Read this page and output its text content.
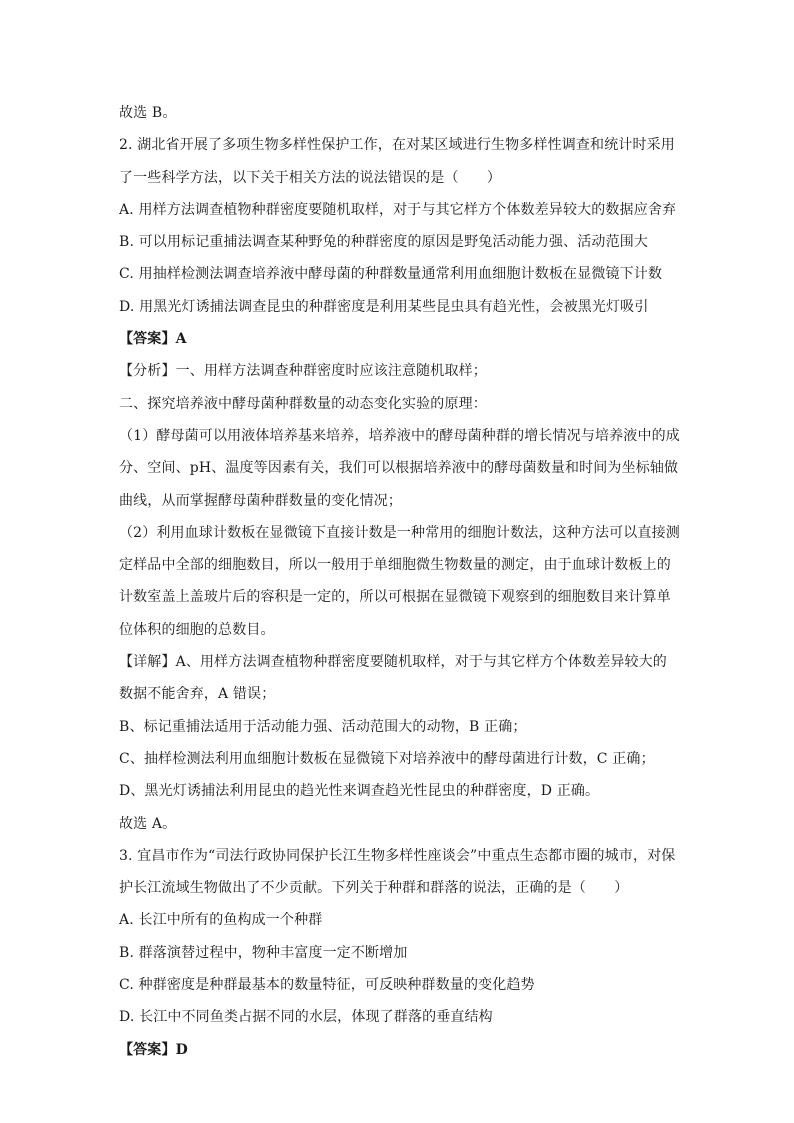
故选 B。
2. 湖北省开展了多项生物多样性保护工作，在对某区域进行生物多样性调查和统计时采用
了一些科学方法，以下关于相关方法的说法错误的是（　　）
A. 用样方法调查植物种群密度要随机取样，对于与其它样方个体数差异较大的数据应舍弃
B. 可以用标记重捕法调查某种野兔的种群密度的原因是野兔活动能力强、活动范围大
C. 用抽样检测法调查培养液中酵母菌的种群数量通常利用血细胞计数板在显微镜下计数
D. 用黑光灯诱捕法调查昆虫的种群密度是利用某些昆虫具有趋光性，会被黑光灯吸引
【答案】A
【分析】一、用样方法调查种群密度时应该注意随机取样；
二、探究培养液中酵母菌种群数量的动态变化实验的原理：
（1）酵母菌可以用液体培养基来培养，培养液中的酵母菌种群的增长情况与培养液中的成
分、空间、pH、温度等因素有关，我们可以根据培养液中的酵母菌数量和时间为坐标轴做
曲线，从而掌握酵母菌种群数量的变化情况；
（2）利用血球计数板在显微镜下直接计数是一种常用的细胞计数法，这种方法可以直接测
定样品中全部的细胞数目，所以一般用于单细胞微生物数量的测定，由于血球计数板上的
计数室盖上盖玻片后的容积是一定的，所以可根据在显微镜下观察到的细胞数目来计算单
位体积的细胞的总数目。
【详解】A、用样方法调查植物种群密度要随机取样，对于与其它样方个体数差异较大的
数据不能舍弃，A 错误；
B、标记重捕法适用于活动能力强、活动范围大的动物，B 正确；
C、抽样检测法利用血细胞计数板在显微镜下对培养液中的酵母菌进行计数，C 正确；
D、黑光灯诱捕法利用昆虫的趋光性来调查趋光性昆虫的种群密度，D 正确。
故选 A。
3. 宜昌市作为“司法行政协同保护长江生物多样性座谈会”中重点生态都市圈的城市，对保
护长江流域生物做出了不少贡献。下列关于种群和群落的说法，正确的是（　　）
A. 长江中所有的鱼构成一个种群
B. 群落演替过程中，物种丰富度一定不断增加
C. 种群密度是种群最基本的数量特征，可反映种群数量的变化趋势
D. 长江中不同鱼类占据不同的水层，体现了群落的垂直结构
【答案】D
